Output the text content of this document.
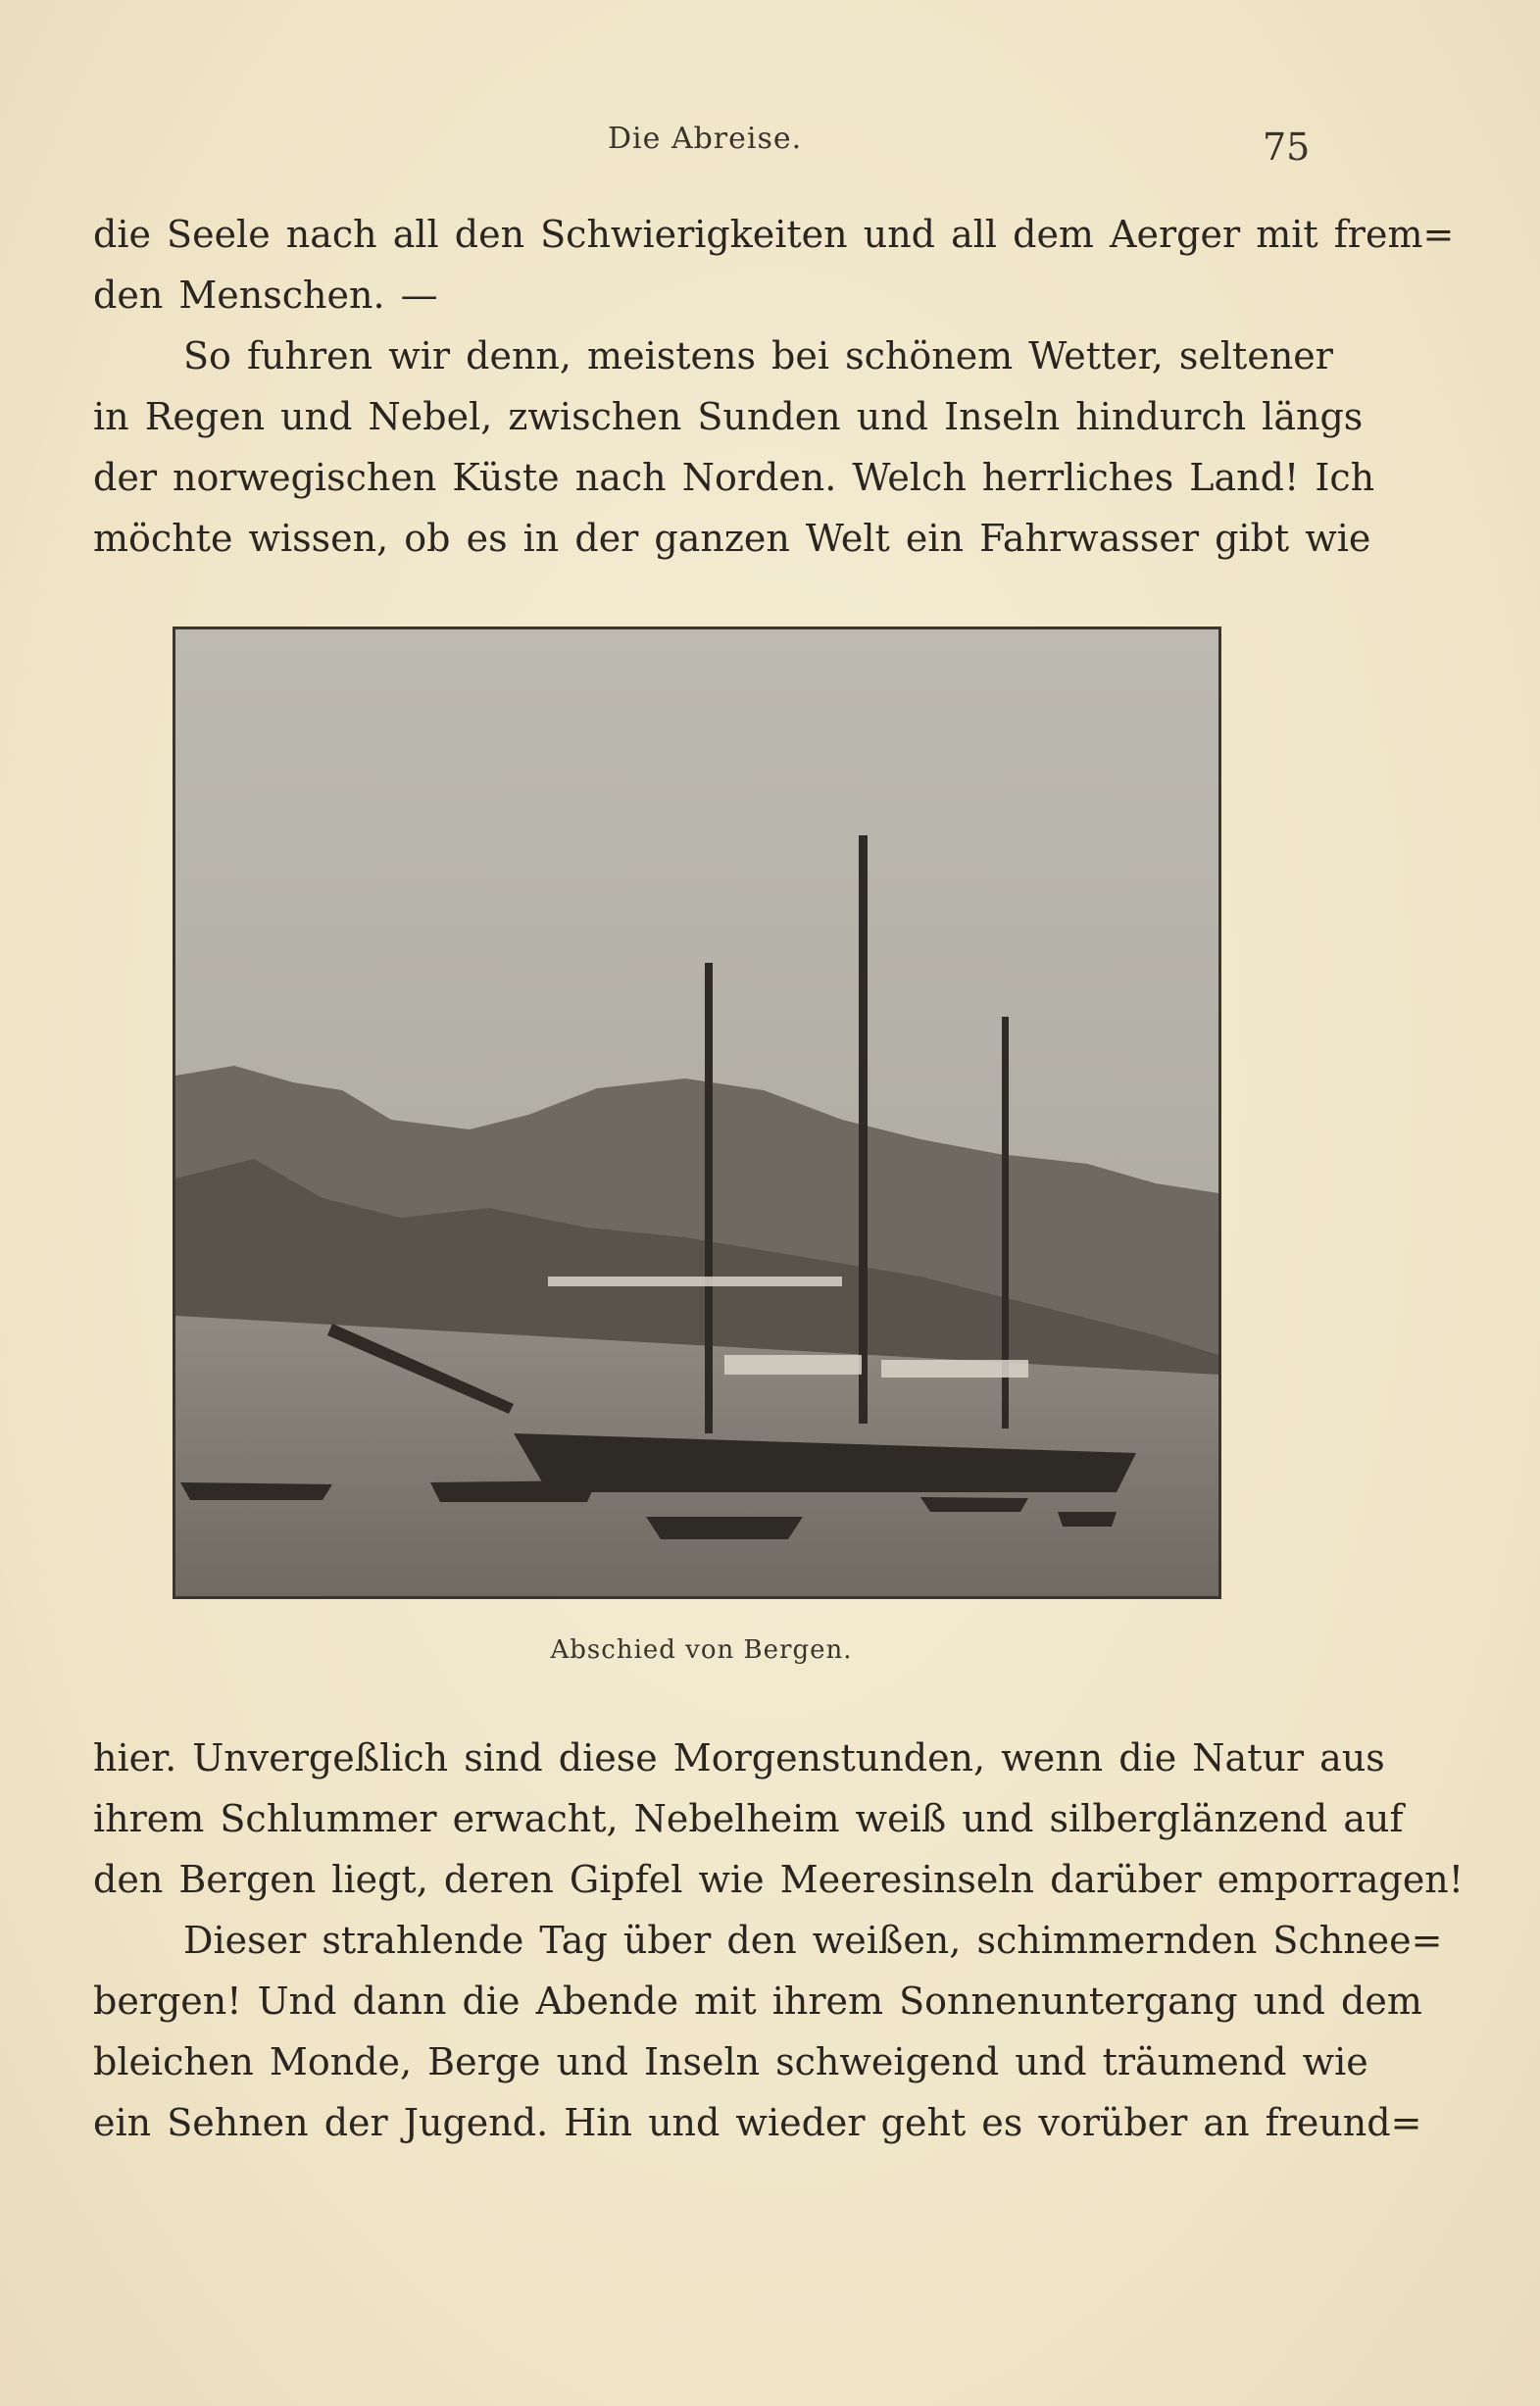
Die Abreise.	75
die Seele nach all den Schwierigkeiten und all dem Aerger mit frem=
den Menschen. —
So fuhren wir denn, meistens bei schönem Wetter, seltener
in Regen und Nebel, zwischen Sunden und Inseln hindurch längs
der norwegischen Küste nach Norden. Welch herrliches Land! Ich
möchte wissen, ob es in der ganzen Welt ein Fahrwasser gibt wie
Abschied von Bergen.
hier. Unvergeßlich sind diese Morgenstunden, wenn die Natur aus
ihrem Schlummer erwacht, Nebelheim weiß und silberglänzend auf
den Bergen liegt, deren Gipfel wie Meeresinseln darüber emporragen!
Dieser strahlende Tag über den weißen, schimmernden Schnee=
bergen! Und dann die Abende mit ihrem Sonnenuntergang und dem
bleichen Monde, Berge und Inseln schweigend und träumend wie
ein Sehnen der Jugend. Hin und wieder geht es vorüber an freund=
